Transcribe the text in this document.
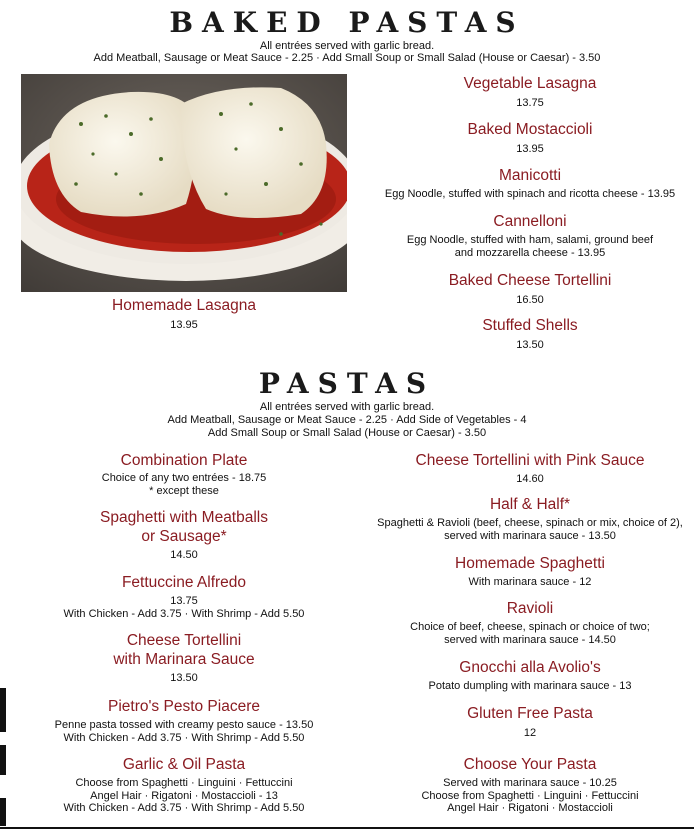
BAKED PASTAS
All entrées served with garlic bread.
Add Meatball, Sausage or Meat Sauce - 2.25 · Add Small Soup or Small Salad (House or Caesar) - 3.50
Homemade Lasagna
13.95
Vegetable Lasagna
13.75
Baked Mostaccioli
13.95
Manicotti
Egg Noodle, stuffed with spinach and ricotta cheese - 13.95
Cannelloni
Egg Noodle, stuffed with ham, salami, ground beef
and mozzarella cheese - 13.95
Baked Cheese Tortellini
16.50
Stuffed Shells
13.50
PASTAS
All entrées served with garlic bread.
Add Meatball, Sausage or Meat Sauce - 2.25 · Add Side of Vegetables - 4
Add Small Soup or Small Salad (House or Caesar) - 3.50
Combination Plate
Choice of any two entrées - 18.75
* except these
Spaghetti with Meatballs
or Sausage*
14.50
Fettuccine Alfredo
13.75
With Chicken - Add 3.75 · With Shrimp - Add 5.50
Cheese Tortellini
with Marinara Sauce
13.50
Pietro's Pesto Piacere
Penne pasta tossed with creamy pesto sauce - 13.50
With Chicken - Add 3.75 · With Shrimp - Add 5.50
Garlic & Oil Pasta
Choose from Spaghetti · Linguini · Fettuccini
Angel Hair · Rigatoni · Mostaccioli - 13
With Chicken - Add 3.75 · With Shrimp - Add 5.50
Cheese Tortellini with Pink Sauce
14.60
Half & Half*
Spaghetti & Ravioli (beef, cheese, spinach or mix, choice of 2),
served with marinara sauce - 13.50
Homemade Spaghetti
With marinara sauce - 12
Ravioli
Choice of beef, cheese, spinach or choice of two;
served with marinara sauce - 14.50
Gnocchi alla Avolio's
Potato dumpling with marinara sauce - 13
Gluten Free Pasta
12
Choose Your Pasta
Served with marinara sauce - 10.25
Choose from Spaghetti · Linguini · Fettuccini
Angel Hair · Rigatoni · Mostaccioli
